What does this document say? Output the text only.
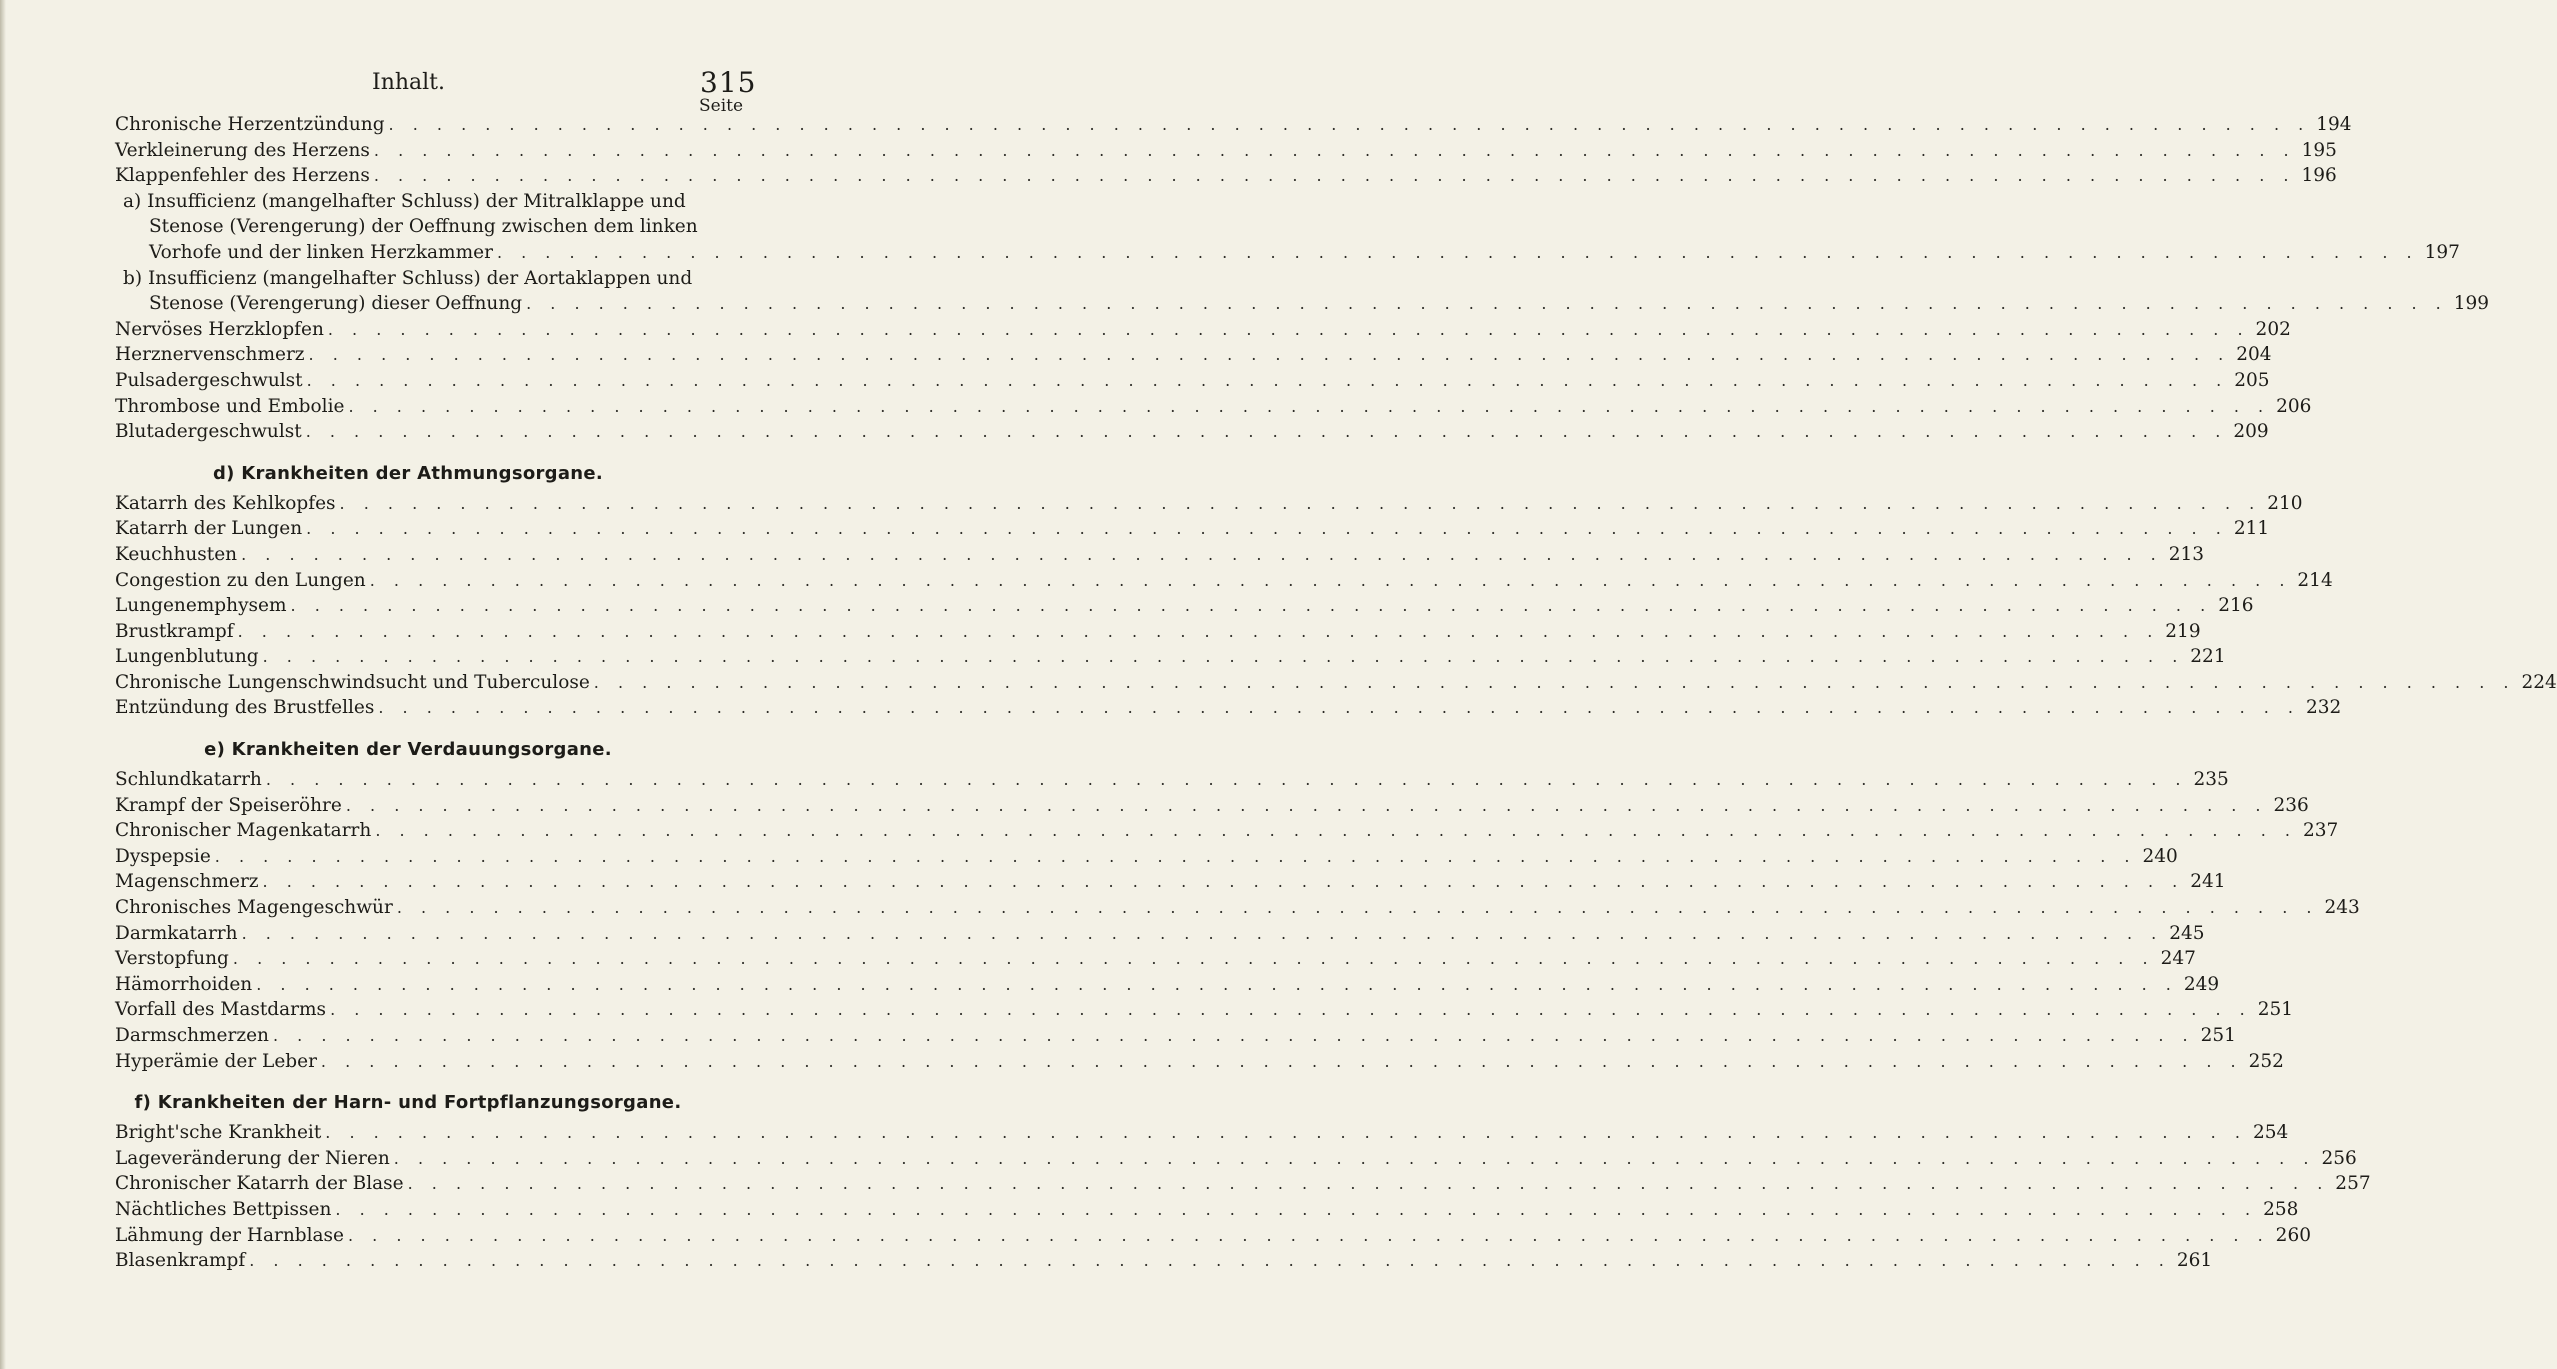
Inhalt.	315
Seite
Chronische Herzentzündung . . . . . . . . . . . . . . . . . . . . . . . . . . . . . . . . . . . . . . . . . . . . . . . . . . . . . . . . . . . . . . . . . . . . . . . . . . . . . . . . 194
Verkleinerung des Herzens . . . . . . . . . . . . . . . . . . . . . . . . . . . . . . . . . . . . . . . . . . . . . . . . . . . . . . . . . . . . . . . . . . . . . . . . . . . . . . . . 195
Klappenfehler des Herzens . . . . . . . . . . . . . . . . . . . . . . . . . . . . . . . . . . . . . . . . . . . . . . . . . . . . . . . . . . . . . . . . . . . . . . . . . . . . . . . . 196
a) Insufficienz (mangelhafter Schluss) der Mitralklappe und
Stenose (Verengerung) der Oeffnung zwischen dem linken
Vorhofe und der linken Herzkammer . . . . . . . . . . . . . . . . . . . . . . . . . . . . . . . . . . . . . . . . . . . . . . . . . . . . . . . . . . . . . . . . . . . . . . . . . . . . . . . . 197
b) Insufficienz (mangelhafter Schluss) der Aortaklappen und
Stenose (Verengerung) dieser Oeffnung . . . . . . . . . . . . . . . . . . . . . . . . . . . . . . . . . . . . . . . . . . . . . . . . . . . . . . . . . . . . . . . . . . . . . . . . . . . . . . . . 199
Nervöses Herzklopfen . . . . . . . . . . . . . . . . . . . . . . . . . . . . . . . . . . . . . . . . . . . . . . . . . . . . . . . . . . . . . . . . . . . . . . . . . . . . . . . . 202
Herznervenschmerz . . . . . . . . . . . . . . . . . . . . . . . . . . . . . . . . . . . . . . . . . . . . . . . . . . . . . . . . . . . . . . . . . . . . . . . . . . . . . . . . 204
Pulsadergeschwulst . . . . . . . . . . . . . . . . . . . . . . . . . . . . . . . . . . . . . . . . . . . . . . . . . . . . . . . . . . . . . . . . . . . . . . . . . . . . . . . . 205
Thrombose und Embolie . . . . . . . . . . . . . . . . . . . . . . . . . . . . . . . . . . . . . . . . . . . . . . . . . . . . . . . . . . . . . . . . . . . . . . . . . . . . . . . . 206
Blutadergeschwulst . . . . . . . . . . . . . . . . . . . . . . . . . . . . . . . . . . . . . . . . . . . . . . . . . . . . . . . . . . . . . . . . . . . . . . . . . . . . . . . . 209
d) Krankheiten der Athmungsorgane.
Katarrh des Kehlkopfes . . . . . . . . . . . . . . . . . . . . . . . . . . . . . . . . . . . . . . . . . . . . . . . . . . . . . . . . . . . . . . . . . . . . . . . . . . . . . . . . 210
Katarrh der Lungen . . . . . . . . . . . . . . . . . . . . . . . . . . . . . . . . . . . . . . . . . . . . . . . . . . . . . . . . . . . . . . . . . . . . . . . . . . . . . . . . 211
Keuchhusten . . . . . . . . . . . . . . . . . . . . . . . . . . . . . . . . . . . . . . . . . . . . . . . . . . . . . . . . . . . . . . . . . . . . . . . . . . . . . . . . 213
Congestion zu den Lungen . . . . . . . . . . . . . . . . . . . . . . . . . . . . . . . . . . . . . . . . . . . . . . . . . . . . . . . . . . . . . . . . . . . . . . . . . . . . . . . . 214
Lungenemphysem . . . . . . . . . . . . . . . . . . . . . . . . . . . . . . . . . . . . . . . . . . . . . . . . . . . . . . . . . . . . . . . . . . . . . . . . . . . . . . . . 216
Brustkrampf . . . . . . . . . . . . . . . . . . . . . . . . . . . . . . . . . . . . . . . . . . . . . . . . . . . . . . . . . . . . . . . . . . . . . . . . . . . . . . . . 219
Lungenblutung . . . . . . . . . . . . . . . . . . . . . . . . . . . . . . . . . . . . . . . . . . . . . . . . . . . . . . . . . . . . . . . . . . . . . . . . . . . . . . . . 221
Chronische Lungenschwindsucht und Tuberculose . . . . . . . . . . . . . . . . . . . . . . . . . . . . . . . . . . . . . . . . . . . . . . . . . . . . . . . . . . . . . . . . . . . . . . . . . . . . . . . . 224
Entzündung des Brustfelles . . . . . . . . . . . . . . . . . . . . . . . . . . . . . . . . . . . . . . . . . . . . . . . . . . . . . . . . . . . . . . . . . . . . . . . . . . . . . . . . 232
e) Krankheiten der Verdauungsorgane.
Schlundkatarrh . . . . . . . . . . . . . . . . . . . . . . . . . . . . . . . . . . . . . . . . . . . . . . . . . . . . . . . . . . . . . . . . . . . . . . . . . . . . . . . . 235
Krampf der Speiseröhre . . . . . . . . . . . . . . . . . . . . . . . . . . . . . . . . . . . . . . . . . . . . . . . . . . . . . . . . . . . . . . . . . . . . . . . . . . . . . . . . 236
Chronischer Magenkatarrh . . . . . . . . . . . . . . . . . . . . . . . . . . . . . . . . . . . . . . . . . . . . . . . . . . . . . . . . . . . . . . . . . . . . . . . . . . . . . . . . 237
Dyspepsie . . . . . . . . . . . . . . . . . . . . . . . . . . . . . . . . . . . . . . . . . . . . . . . . . . . . . . . . . . . . . . . . . . . . . . . . . . . . . . . . 240
Magenschmerz . . . . . . . . . . . . . . . . . . . . . . . . . . . . . . . . . . . . . . . . . . . . . . . . . . . . . . . . . . . . . . . . . . . . . . . . . . . . . . . . 241
Chronisches Magengeschwür . . . . . . . . . . . . . . . . . . . . . . . . . . . . . . . . . . . . . . . . . . . . . . . . . . . . . . . . . . . . . . . . . . . . . . . . . . . . . . . . 243
Darmkatarrh . . . . . . . . . . . . . . . . . . . . . . . . . . . . . . . . . . . . . . . . . . . . . . . . . . . . . . . . . . . . . . . . . . . . . . . . . . . . . . . . 245
Verstopfung . . . . . . . . . . . . . . . . . . . . . . . . . . . . . . . . . . . . . . . . . . . . . . . . . . . . . . . . . . . . . . . . . . . . . . . . . . . . . . . . 247
Hämorrhoiden . . . . . . . . . . . . . . . . . . . . . . . . . . . . . . . . . . . . . . . . . . . . . . . . . . . . . . . . . . . . . . . . . . . . . . . . . . . . . . . . 249
Vorfall des Mastdarms . . . . . . . . . . . . . . . . . . . . . . . . . . . . . . . . . . . . . . . . . . . . . . . . . . . . . . . . . . . . . . . . . . . . . . . . . . . . . . . . 251
Darmschmerzen . . . . . . . . . . . . . . . . . . . . . . . . . . . . . . . . . . . . . . . . . . . . . . . . . . . . . . . . . . . . . . . . . . . . . . . . . . . . . . . . 251
Hyperämie der Leber . . . . . . . . . . . . . . . . . . . . . . . . . . . . . . . . . . . . . . . . . . . . . . . . . . . . . . . . . . . . . . . . . . . . . . . . . . . . . . . . 252
f) Krankheiten der Harn- und Fortpflanzungsorgane.
Bright'sche Krankheit . . . . . . . . . . . . . . . . . . . . . . . . . . . . . . . . . . . . . . . . . . . . . . . . . . . . . . . . . . . . . . . . . . . . . . . . . . . . . . . . 254
Lageveränderung der Nieren . . . . . . . . . . . . . . . . . . . . . . . . . . . . . . . . . . . . . . . . . . . . . . . . . . . . . . . . . . . . . . . . . . . . . . . . . . . . . . . . 256
Chronischer Katarrh der Blase . . . . . . . . . . . . . . . . . . . . . . . . . . . . . . . . . . . . . . . . . . . . . . . . . . . . . . . . . . . . . . . . . . . . . . . . . . . . . . . . 257
Nächtliches Bettpissen . . . . . . . . . . . . . . . . . . . . . . . . . . . . . . . . . . . . . . . . . . . . . . . . . . . . . . . . . . . . . . . . . . . . . . . . . . . . . . . . 258
Lähmung der Harnblase . . . . . . . . . . . . . . . . . . . . . . . . . . . . . . . . . . . . . . . . . . . . . . . . . . . . . . . . . . . . . . . . . . . . . . . . . . . . . . . . 260
Blasenkrampf . . . . . . . . . . . . . . . . . . . . . . . . . . . . . . . . . . . . . . . . . . . . . . . . . . . . . . . . . . . . . . . . . . . . . . . . . . . . . . . . 261
